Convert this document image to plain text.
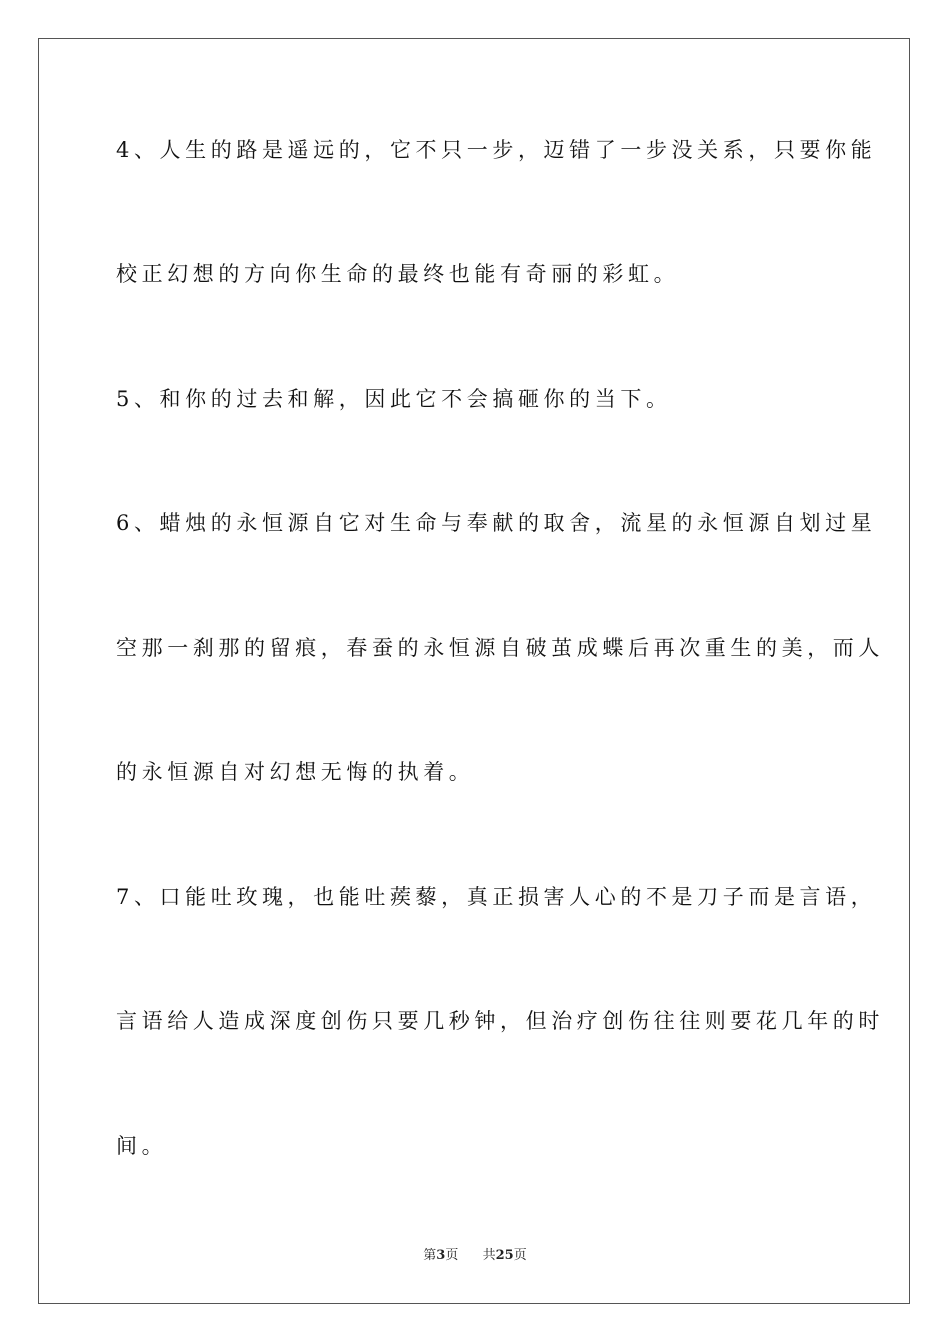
4、人生的路是遥远的，它不只一步，迈错了一步没关系，只要你能
校正幻想的方向你生命的最终也能有奇丽的彩虹。
5、和你的过去和解，因此它不会搞砸你的当下。
6、蜡烛的永恒源自它对生命与奉献的取舍，流星的永恒源自划过星
空那一刹那的留痕，春蚕的永恒源自破茧成蝶后再次重生的美，而人
的永恒源自对幻想无悔的执着。
7、口能吐玫瑰，也能吐蒺藜，真正损害人心的不是刀子而是言语，
言语给人造成深度创伤只要几秒钟，但治疗创伤往往则要花几年的时
间。
第3页 共25页
